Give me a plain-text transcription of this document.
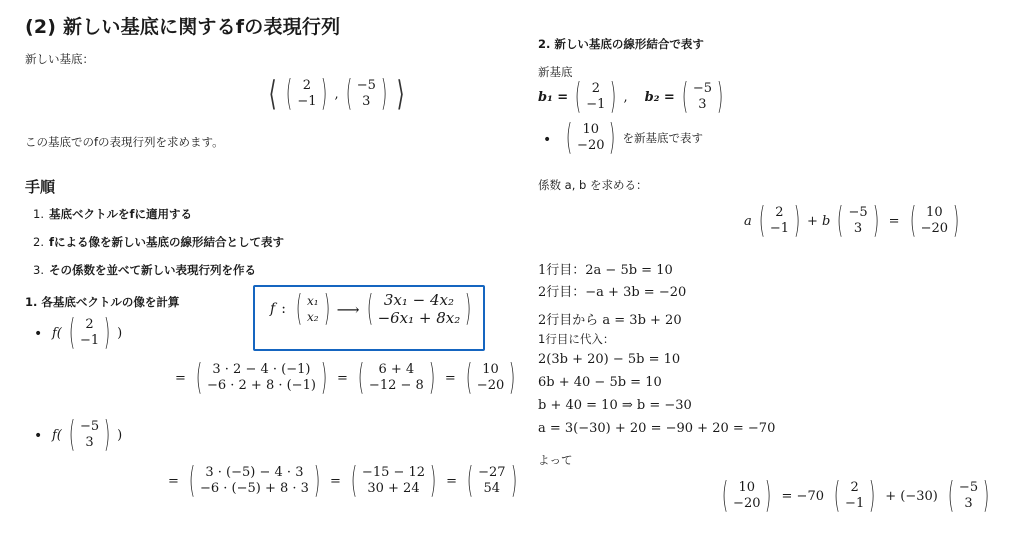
(2) 新しい基底に関するfの表現行列
新しい基底：
⟨ ( 2
−1 ) , ( −5
3 ) ⟩
この基底でのfの表現行列を求めます。
手順
1. 基底ベクトルをfに適用する
2. fによる像を新しい基底の線形結合として表す
3. その係数を並べて新しい表現行列を作る
1. 各基底ベクトルの像を計算	f : ( x₁
x₂ ) ⟶ ( 3x₁ − 4x₂
−6x₁ + 8x₂ )
• f( ( 2
−1 ) )
= ( 3 · 2 − 4 · (−1)
−6 · 2 + 8 · (−1) ) = ( 6 + 4
−12 − 8 ) = ( 10
−20 )
• f( ( −5
3 ) )
= ( 3 · (−5) − 4 · 3
−6 · (−5) + 8 · 3 ) = ( −15 − 12
30 + 24 ) = ( −27
54 )
2. 新しい基底の線形結合で表す
新基底
b₁ = ( 2
−1 ) ,	b₂ = ( −5
3 )
• ( 10
−20 ) を新基底で表す
係数 a, b を求める：
a ( 2
−1 ) + b ( −5
3 ) = ( 10
−20 )
1行目：2a − 5b = 10
2行目：−a + 3b = −20
2行目から a = 3b + 20
1行目に代入：
2(3b + 20) − 5b = 10
6b + 40 − 5b = 10
b + 40 = 10 ⇒ b = −30
a = 3(−30) + 20 = −90 + 20 = −70
よって
( 10
−20 ) = −70 ( 2
−1 ) + (−30) ( −5
3 )
